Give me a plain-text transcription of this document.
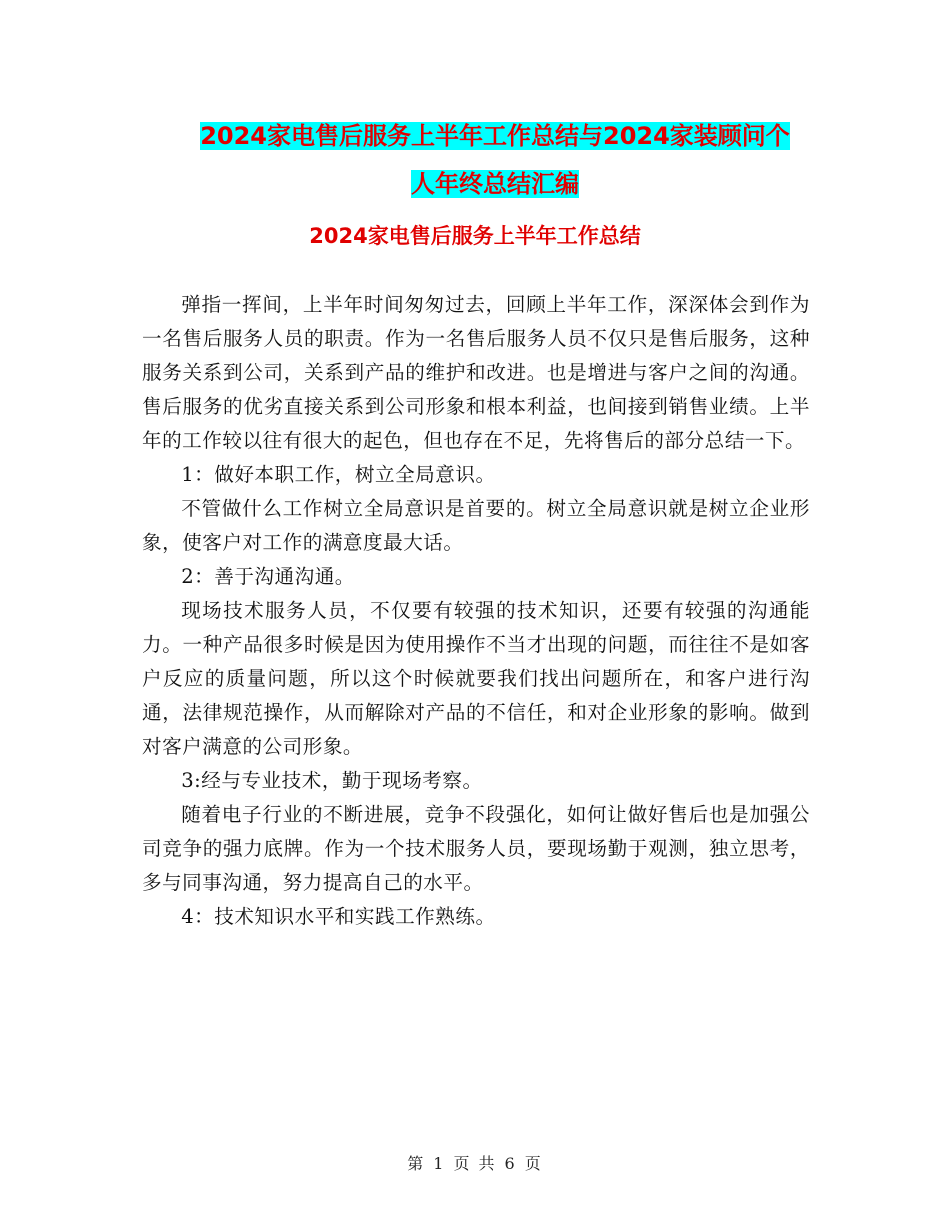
2024家电售后服务上半年工作总结与2024家装顾问个
人年终总结汇编
2024家电售后服务上半年工作总结

弹指一挥间，上半年时间匆匆过去，回顾上半年工作，深深体会到作为一名售后服务人员的职责。作为一名售后服务人员不仅只是售后服务，这种服务关系到公司，关系到产品的维护和改进。也是增进与客户之间的沟通。售后服务的优劣直接关系到公司形象和根本利益，也间接到销售业绩。上半年的工作较以往有很大的起色，但也存在不足，先将售后的部分总结一下。

1：做好本职工作，树立全局意识。

不管做什么工作树立全局意识是首要的。树立全局意识就是树立企业形象，使客户对工作的满意度最大话。

2：善于沟通沟通。

现场技术服务人员，不仅要有较强的技术知识，还要有较强的沟通能力。一种产品很多时候是因为使用操作不当才出现的问题，而往往不是如客户反应的质量问题，所以这个时候就要我们找出问题所在，和客户进行沟通，法律规范操作，从而解除对产品的不信任，和对企业形象的影响。做到对客户满意的公司形象。

3:经与专业技术，勤于现场考察。

随着电子行业的不断进展，竞争不段强化，如何让做好售后也是加强公司竞争的强力底牌。作为一个技术服务人员，要现场勤于观测，独立思考，多与同事沟通，努力提高自己的水平。

4：技术知识水平和实践工作熟练。

第 1 页 共 6 页
